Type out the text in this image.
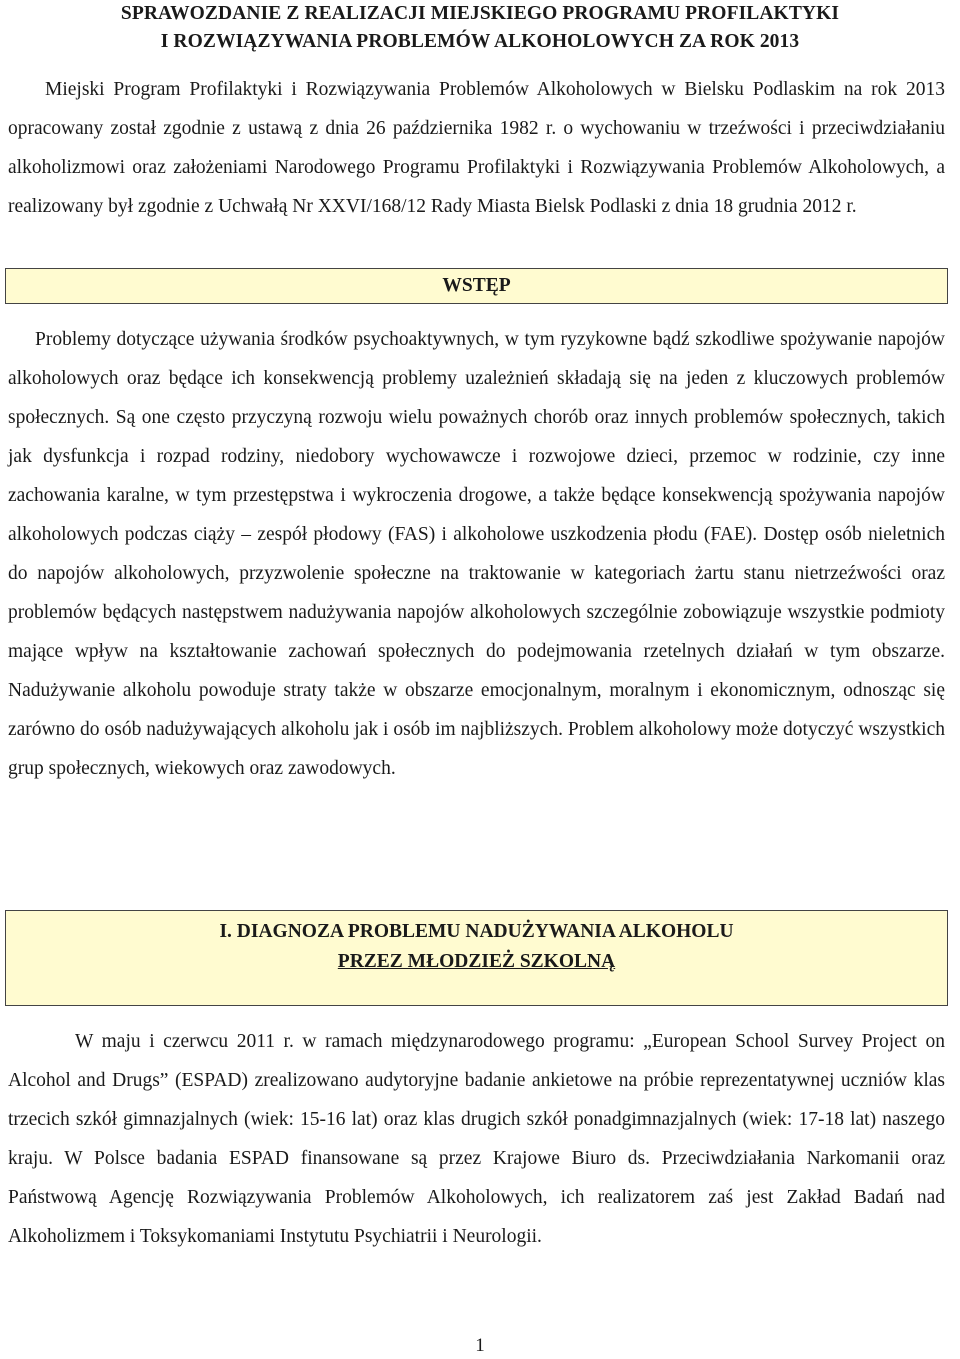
SPRAWOZDANIE Z REALIZACJI MIEJSKIEGO PROGRAMU PROFILAKTYKI
I ROZWIĄZYWANIA PROBLEMÓW ALKOHOLOWYCH ZA ROK 2013

Miejski Program Profilaktyki i Rozwiązywania Problemów Alkoholowych w Bielsku Podlaskim na rok 2013 opracowany został zgodnie z ustawą z dnia 26 października 1982 r. o wychowaniu w trzeźwości i przeciwdziałaniu alkoholizmowi oraz założeniami Narodowego Programu Profilaktyki i Rozwiązywania Problemów Alkoholowych, a realizowany był zgodnie z Uchwałą Nr XXVI/168/12 Rady Miasta Bielsk Podlaski z dnia 18 grudnia 2012 r.

WSTĘP

Problemy dotyczące używania środków psychoaktywnych, w tym ryzykowne bądź szkodliwe spożywanie napojów alkoholowych oraz będące ich konsekwencją problemy uzależnień składają się na jeden z kluczowych problemów społecznych. Są one często przyczyną rozwoju wielu poważnych chorób oraz innych problemów społecznych, takich jak dysfunkcja i rozpad rodziny, niedobory wychowawcze i rozwojowe dzieci, przemoc w rodzinie, czy inne zachowania karalne, w tym przestępstwa i wykroczenia drogowe, a także będące konsekwencją spożywania napojów alkoholowych podczas ciąży – zespół płodowy (FAS) i alkoholowe uszkodzenia płodu (FAE). Dostęp osób nieletnich do napojów alkoholowych, przyzwolenie społeczne na traktowanie w kategoriach żartu stanu nietrzeźwości oraz problemów będących następstwem nadużywania napojów alkoholowych szczególnie zobowiązuje wszystkie podmioty mające wpływ na kształtowanie zachowań społecznych do podejmowania rzetelnych działań w tym obszarze. Nadużywanie alkoholu powoduje straty także w obszarze emocjonalnym, moralnym i ekonomicznym, odnosząc się zarówno do osób nadużywających alkoholu jak i osób im najbliższych. Problem alkoholowy może dotyczyć wszystkich grup społecznych, wiekowych oraz zawodowych.

I. DIAGNOZA PROBLEMU NADUŻYWANIA ALKOHOLU
PRZEZ MŁODZIEŻ SZKOLNĄ

W maju i czerwcu 2011 r. w ramach międzynarodowego programu: „European School Survey Project on Alcohol and Drugs” (ESPAD) zrealizowano audytoryjne badanie ankietowe na próbie reprezentatywnej uczniów klas trzecich szkół gimnazjalnych (wiek: 15-16 lat) oraz klas drugich szkół ponadgimnazjalnych (wiek: 17-18 lat) naszego kraju. W Polsce badania ESPAD finansowane są przez Krajowe Biuro ds. Przeciwdziałania Narkomanii oraz Państwową Agencję Rozwiązywania Problemów Alkoholowych, ich realizatorem zaś jest Zakład Badań nad Alkoholizmem i Toksykomaniami Instytutu Psychiatrii i Neurologii.

1
